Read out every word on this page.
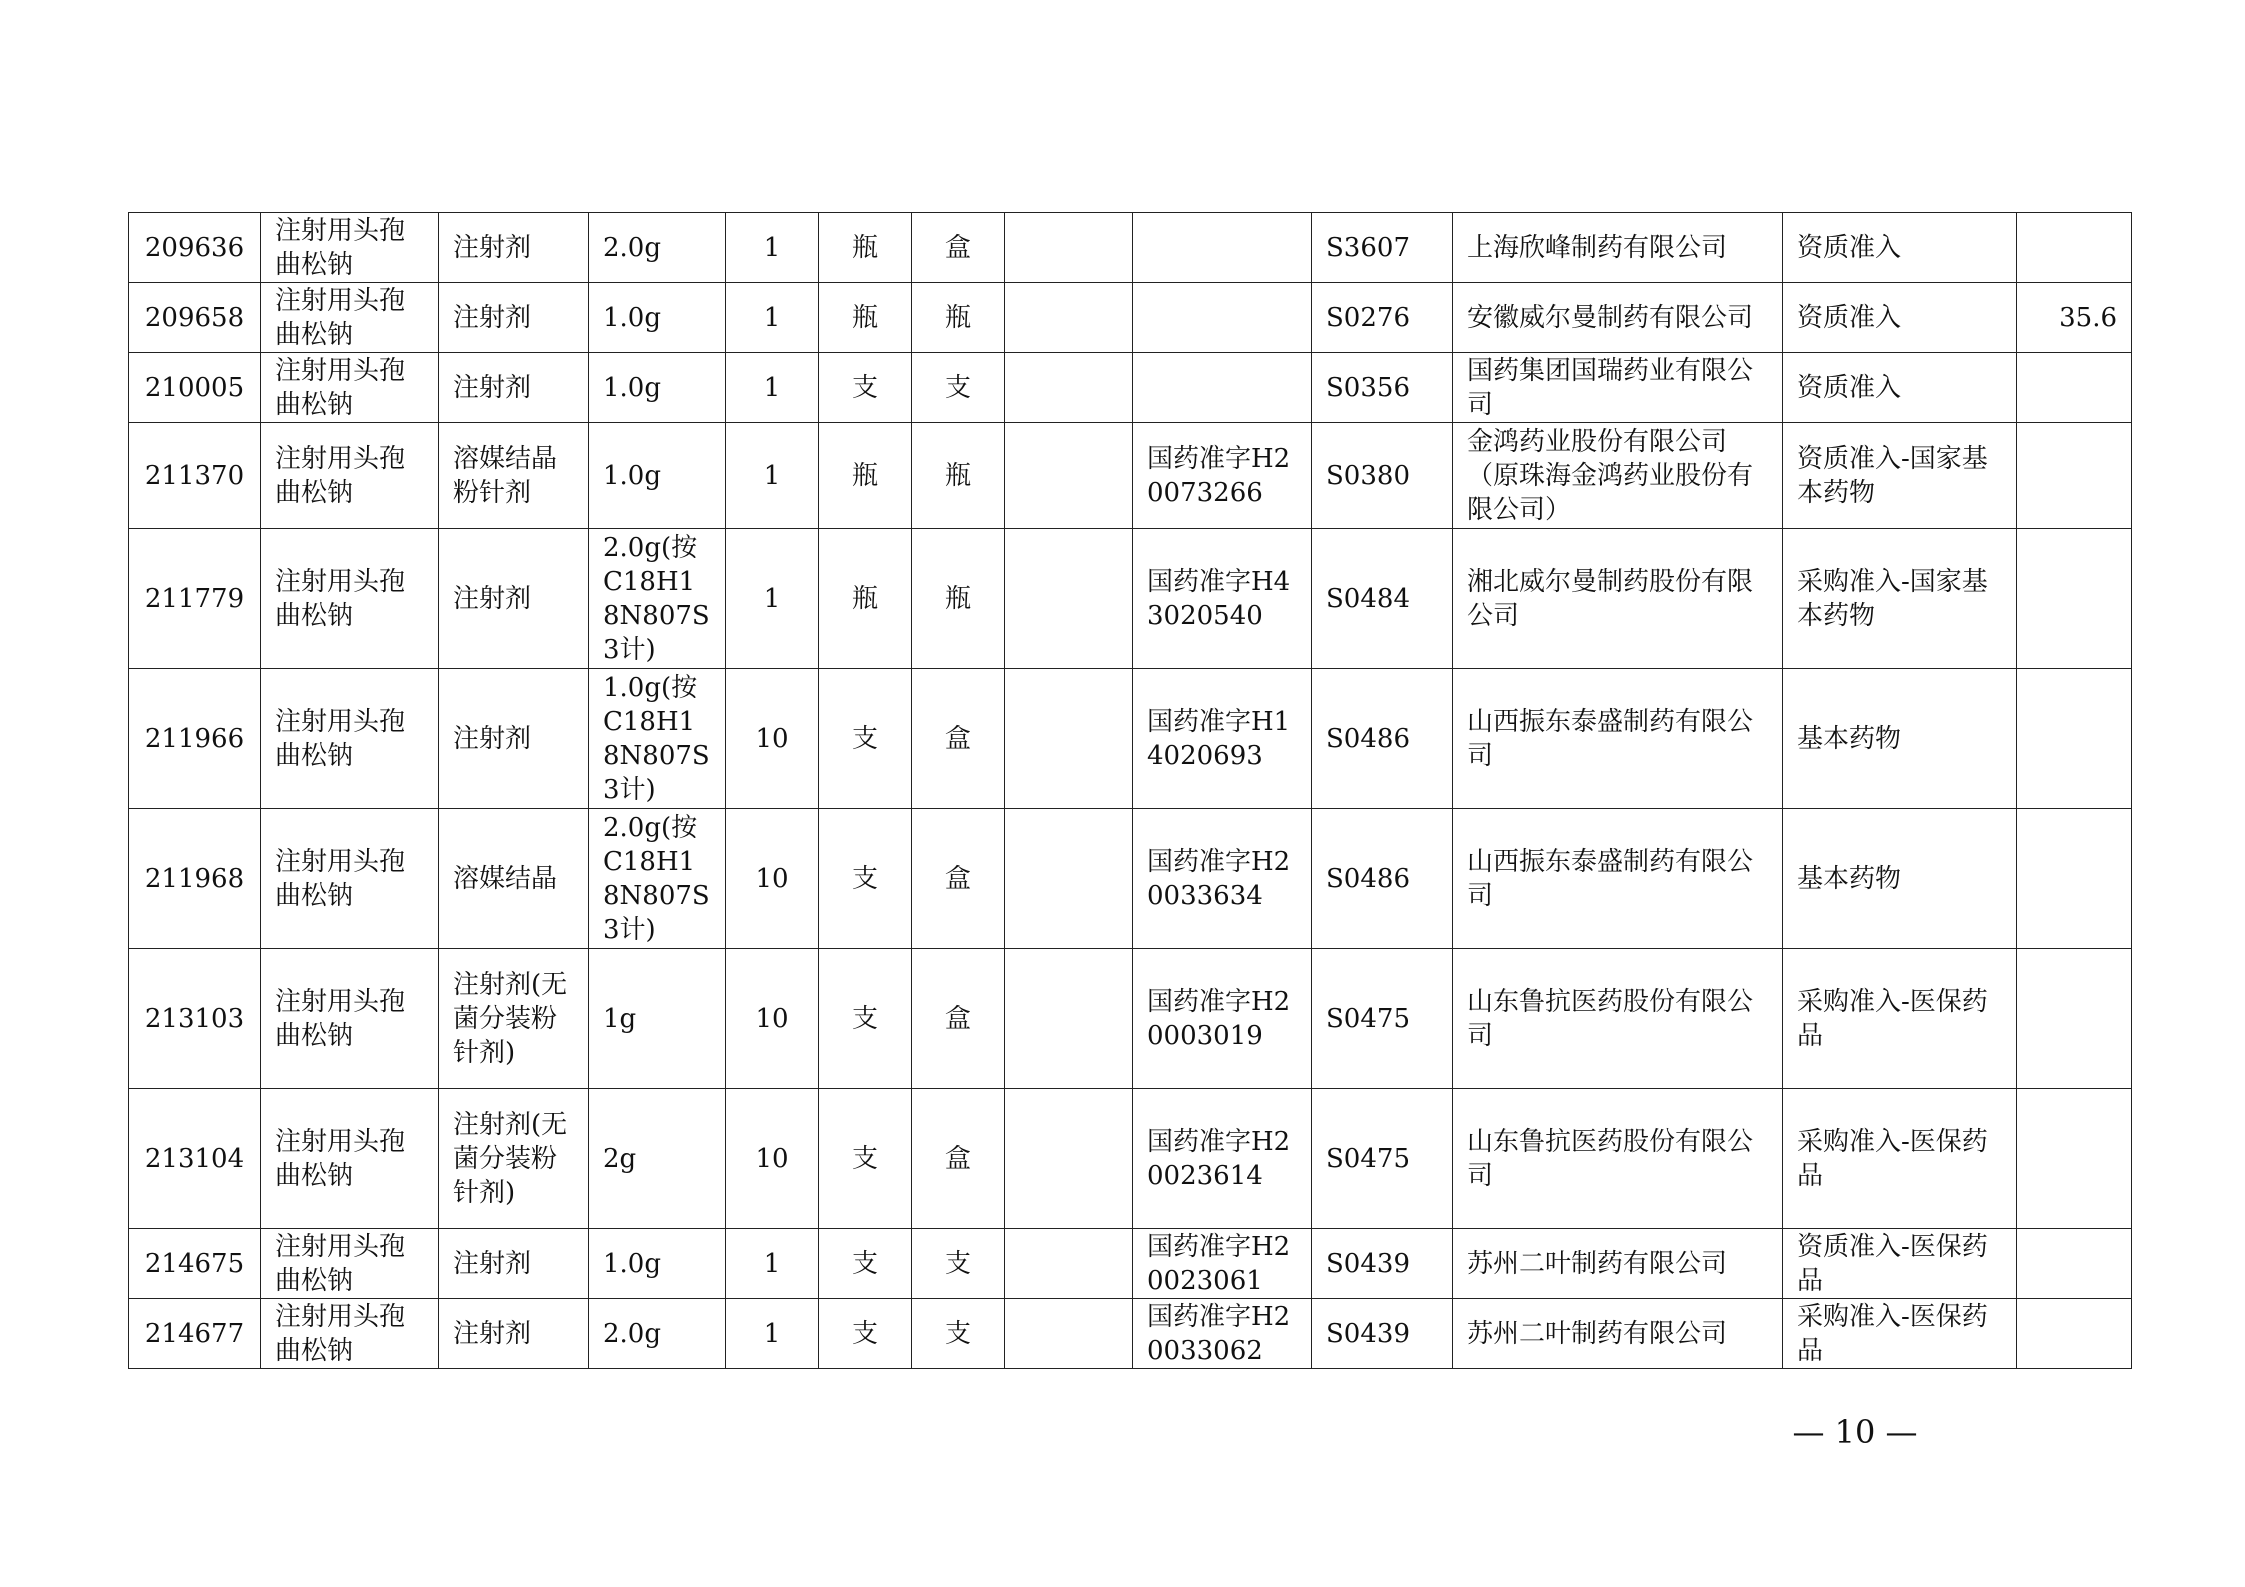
209636	注射用头孢曲松钠	注射剂	2.0g	1	瓶	盒			S3607	上海欣峰制药有限公司	资质准入	
209658	注射用头孢曲松钠	注射剂	1.0g	1	瓶	瓶			S0276	安徽威尔曼制药有限公司	资质准入	35.6
210005	注射用头孢曲松钠	注射剂	1.0g	1	支	支			S0356	国药集团国瑞药业有限公司	资质准入	
211370	注射用头孢曲松钠	溶媒结晶粉针剂	1.0g	1	瓶	瓶		国药准字H20073266	S0380	金鸿药业股份有限公司（原珠海金鸿药业股份有限公司）	资质准入-国家基本药物	
211779	注射用头孢曲松钠	注射剂	2.0g(按C18H18N807S3计)	1	瓶	瓶		国药准字H43020540	S0484	湘北威尔曼制药股份有限公司	采购准入-国家基本药物	
211966	注射用头孢曲松钠	注射剂	1.0g(按C18H18N807S3计)	10	支	盒		国药准字H14020693	S0486	山西振东泰盛制药有限公司	基本药物	
211968	注射用头孢曲松钠	溶媒结晶	2.0g(按C18H18N807S3计)	10	支	盒		国药准字H20033634	S0486	山西振东泰盛制药有限公司	基本药物	
213103	注射用头孢曲松钠	注射剂(无菌分装粉针剂)	1g	10	支	盒		国药准字H20003019	S0475	山东鲁抗医药股份有限公司	采购准入-医保药品	
213104	注射用头孢曲松钠	注射剂(无菌分装粉针剂)	2g	10	支	盒		国药准字H20023614	S0475	山东鲁抗医药股份有限公司	采购准入-医保药品	
214675	注射用头孢曲松钠	注射剂	1.0g	1	支	支		国药准字H20023061	S0439	苏州二叶制药有限公司	资质准入-医保药品	
214677	注射用头孢曲松钠	注射剂	2.0g	1	支	支		国药准字H20033062	S0439	苏州二叶制药有限公司	采购准入-医保药品	
— 10 —
